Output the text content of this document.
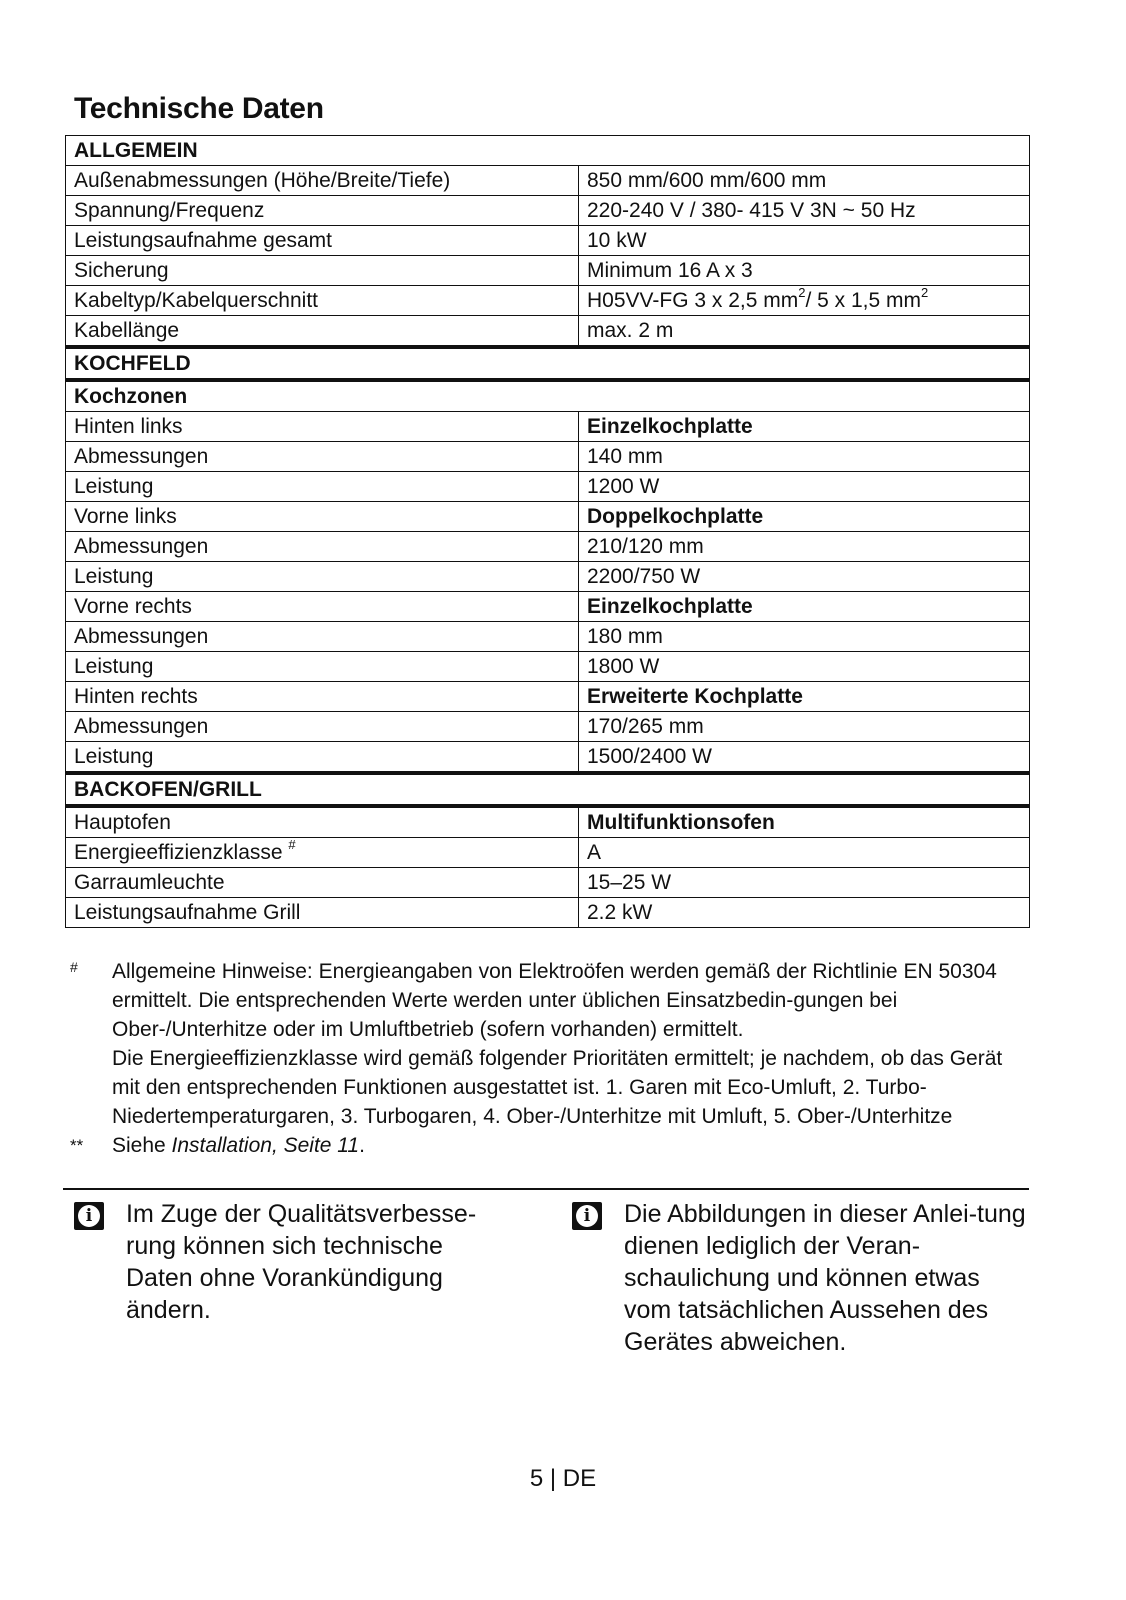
Technische Daten
ALLGEMEIN	
Außenabmessungen (Höhe/Breite/Tiefe)	850 mm/600 mm/600 mm
Spannung/Frequenz	220-240 V / 380- 415 V 3N ~ 50 Hz
Leistungsaufnahme gesamt	10 kW
Sicherung	Minimum 16 A x 3
Kabeltyp/Kabelquerschnitt	H05VV-FG 3 x 2,5 $mm^2/$ 5 x 1,5 $mm^2$
Kabellänge	max. 2 m
KOCHFELD	
Kochzonen	
Hinten links	Einzelkochplatte
Abmessungen	140 mm
Leistung	1200 W
Vorne links	Doppelkochplatte
Abmessungen	210/120 mm
Leistung	2200/750 W
Vorne rechts	Einzelkochplatte
Abmessungen	180 mm
Leistung	1800 W
Hinten rechts	Erweiterte Kochplatte
Abmessungen	170/265 mm
Leistung	1500/2400 W
BACKOFEN/GRILL	
Hauptofen	Multifunktionsofen
Energieeffizienzklasse #	A
Garraumleuchte	15–25 W
Leistungsaufnahme Grill	2.2 kW
#	Allgemeine Hinweise: Energieangaben von Elektroöfen werden gemäß der Richtlinie EN 50304 ermittelt. Die entsprechenden Werte werden unter üblichen Einsatzbedin-gungen bei Ober-/Unterhitze oder im Umluftbetrieb (sofern vorhanden) ermittelt.
Die Energieeffizienzklasse wird gemäß folgender Prioritäten ermittelt; je nachdem, ob das Gerät mit den entsprechenden Funktionen ausgestattet ist. 1. Garen mit Eco-Umluft, 2. Turbo-Niedertemperaturgaren, 3. Turbogaren, 4. Ober-/Unterhitze mit Umluft, 5. Ober-/Unterhitze
**	Siehe Installation, Seite 11.
i	Im Zuge der Qualitätsverbesse-rung können sich technische Daten ohne Vorankündigung ändern.
i	Die Abbildungen in dieser Anlei-tung dienen lediglich der Veran-schaulichung und können etwas vom tatsächlichen Aussehen des Gerätes abweichen.
5 | DE
